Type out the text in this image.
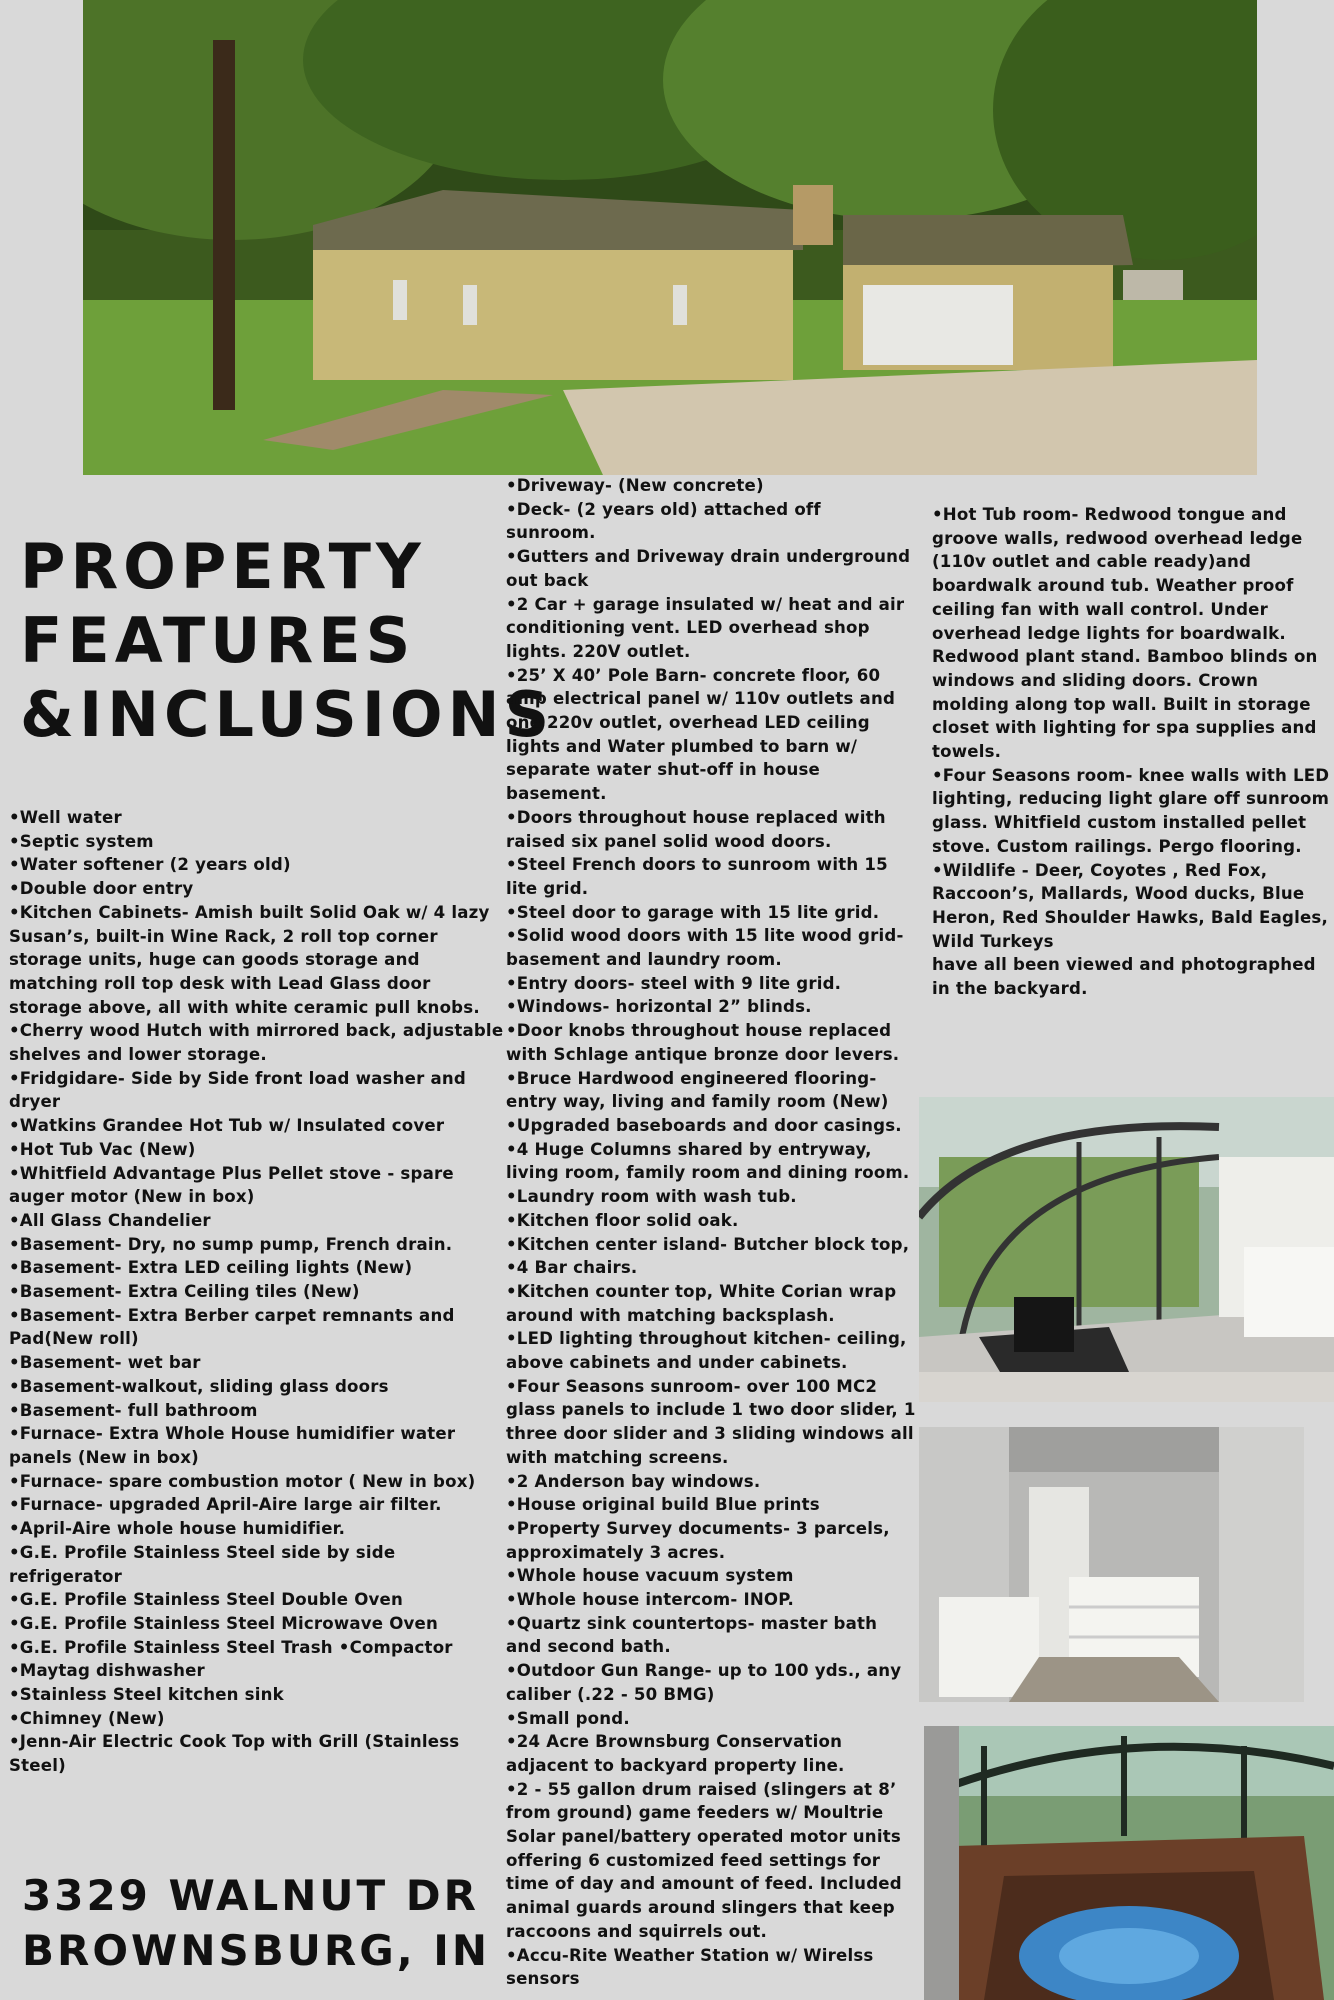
PROPERTY
FEATURES
&INCLUSIONS

•Well water

•Septic system

•Water softener (2 years old)

•Double door entry

•Kitchen Cabinets- Amish built Solid Oak w/ 4 lazy Susan’s, built-in Wine Rack, 2 roll top corner storage units, huge can goods storage and matching roll top desk with Lead Glass door storage above, all with white ceramic pull knobs.

•Cherry wood Hutch with mirrored back, adjustable shelves and lower storage.

•Fridgidare- Side by Side front load washer and dryer

•Watkins Grandee Hot Tub w/ Insulated cover

•Hot Tub Vac (New)

•Whitfield Advantage Plus Pellet stove - spare auger motor (New in box)

•All Glass Chandelier

•Basement- Dry, no sump pump, French drain.

•Basement- Extra LED ceiling lights (New)

•Basement- Extra Ceiling tiles (New)

•Basement- Extra Berber carpet remnants and Pad(New roll)

•Basement- wet bar

•Basement-walkout, sliding glass doors

•Basement- full bathroom

•Furnace- Extra Whole House humidifier water panels (New in box)

•Furnace- spare combustion motor ( New in box)

•Furnace- upgraded April-Aire large air filter.

•April-Aire whole house humidifier.

•G.E. Profile Stainless Steel side by side refrigerator

•G.E. Profile Stainless Steel Double Oven

•G.E. Profile Stainless Steel Microwave Oven

•G.E. Profile Stainless Steel Trash •Compactor

•Maytag dishwasher

•Stainless Steel kitchen sink

•Chimney (New)

•Jenn-Air Electric Cook Top with Grill (Stainless Steel)

•Driveway- (New concrete)

•Deck- (2 years old) attached off sunroom.

•Gutters and Driveway drain underground out back

•2 Car + garage insulated w/ heat and air conditioning vent. LED overhead shop lights. 220V outlet.

•25’ X 40’ Pole Barn- concrete floor, 60 amp electrical panel w/ 110v outlets and one 220v outlet, overhead LED ceiling lights and Water plumbed to barn w/ separate water shut-off in house basement.

•Doors throughout house replaced with raised six panel solid wood doors.

•Steel French doors to sunroom with 15 lite grid.

•Steel door to garage with 15 lite grid.

•Solid wood doors with 15 lite wood grid- basement and laundry room.

•Entry doors- steel with 9 lite grid.

•Windows- horizontal 2” blinds.

•Door knobs throughout house replaced with Schlage antique bronze door levers.

•Bruce Hardwood engineered flooring- entry way, living and family room (New)

•Upgraded baseboards and door casings. •4 Huge Columns shared by entryway, living room, family room and dining room.

•Laundry room with wash tub.

•Kitchen floor solid oak.

•Kitchen center island- Butcher block top, •4 Bar chairs.

•Kitchen counter top, White Corian wrap around with matching backsplash.

•LED lighting throughout kitchen- ceiling, above cabinets and under cabinets.

•Four Seasons sunroom- over 100 MC2 glass panels to include 1 two door slider, 1 three door slider and 3 sliding windows all with matching screens.

•2 Anderson bay windows.

•House original build Blue prints

•Property Survey documents- 3 parcels, approximately 3 acres.

•Whole house vacuum system

•Whole house intercom- INOP.

•Quartz sink countertops- master bath and second bath.

•Outdoor Gun Range- up to 100 yds., any caliber (.22 - 50 BMG)

•Small pond.

•24 Acre Brownsburg Conservation adjacent to backyard property line.

•2 - 55 gallon drum raised (slingers at 8’ from ground) game feeders w/ Moultrie Solar panel/battery operated motor units offering 6 customized feed settings for time of day and amount of feed. Included animal guards around slingers that keep raccoons and squirrels out.

•Accu-Rite Weather Station w/ Wirelss sensors

•Hot Tub room- Redwood tongue and groove walls, redwood overhead ledge (110v outlet and cable ready)and boardwalk around tub. Weather proof ceiling fan with wall control. Under overhead ledge lights for boardwalk. Redwood plant stand. Bamboo blinds on windows and sliding doors. Crown molding along top wall. Built in storage closet with lighting for spa supplies and towels.

•Four Seasons room- knee walls with LED lighting, reducing light glare off sunroom glass. Whitfield custom installed pellet stove. Custom railings. Pergo flooring.

•Wildlife - Deer, Coyotes , Red Fox, Raccoon’s, Mallards, Wood ducks, Blue Heron, Red Shoulder Hawks, Bald Eagles, Wild Turkeys

have all been viewed and photographed in the backyard.

3329 WALNUT DR
BROWNSBURG, IN
